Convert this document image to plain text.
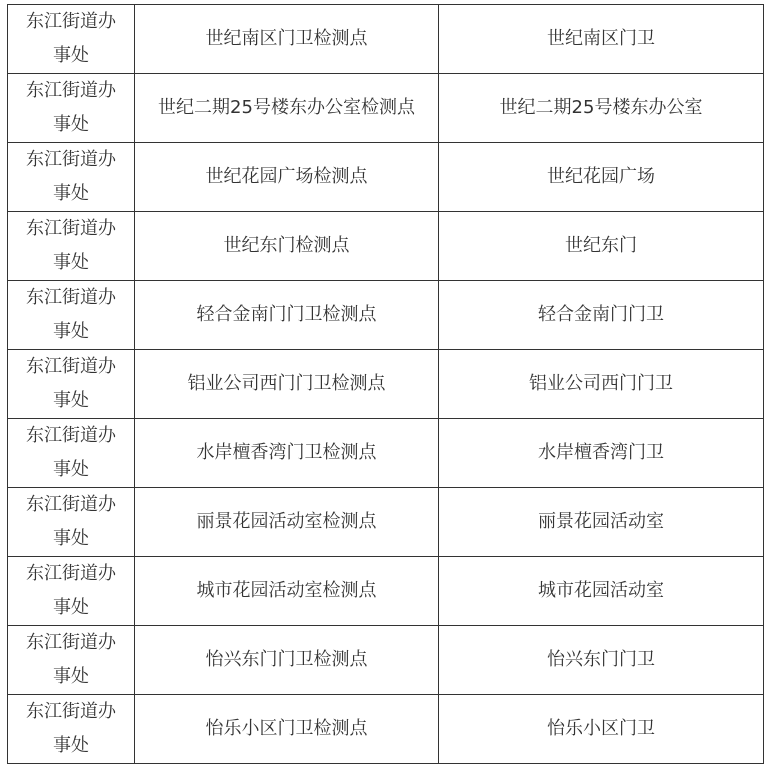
东江街道办事处	世纪南区门卫检测点	世纪南区门卫
东江街道办事处	世纪二期25号楼东办公室检测点	世纪二期25号楼东办公室
东江街道办事处	世纪花园广场检测点	世纪花园广场
东江街道办事处	世纪东门检测点	世纪东门
东江街道办事处	轻合金南门门卫检测点	轻合金南门门卫
东江街道办事处	铝业公司西门门卫检测点	铝业公司西门门卫
东江街道办事处	水岸檀香湾门卫检测点	水岸檀香湾门卫
东江街道办事处	丽景花园活动室检测点	丽景花园活动室
东江街道办事处	城市花园活动室检测点	城市花园活动室
东江街道办事处	怡兴东门门卫检测点	怡兴东门门卫
东江街道办事处	怡乐小区门卫检测点	怡乐小区门卫
